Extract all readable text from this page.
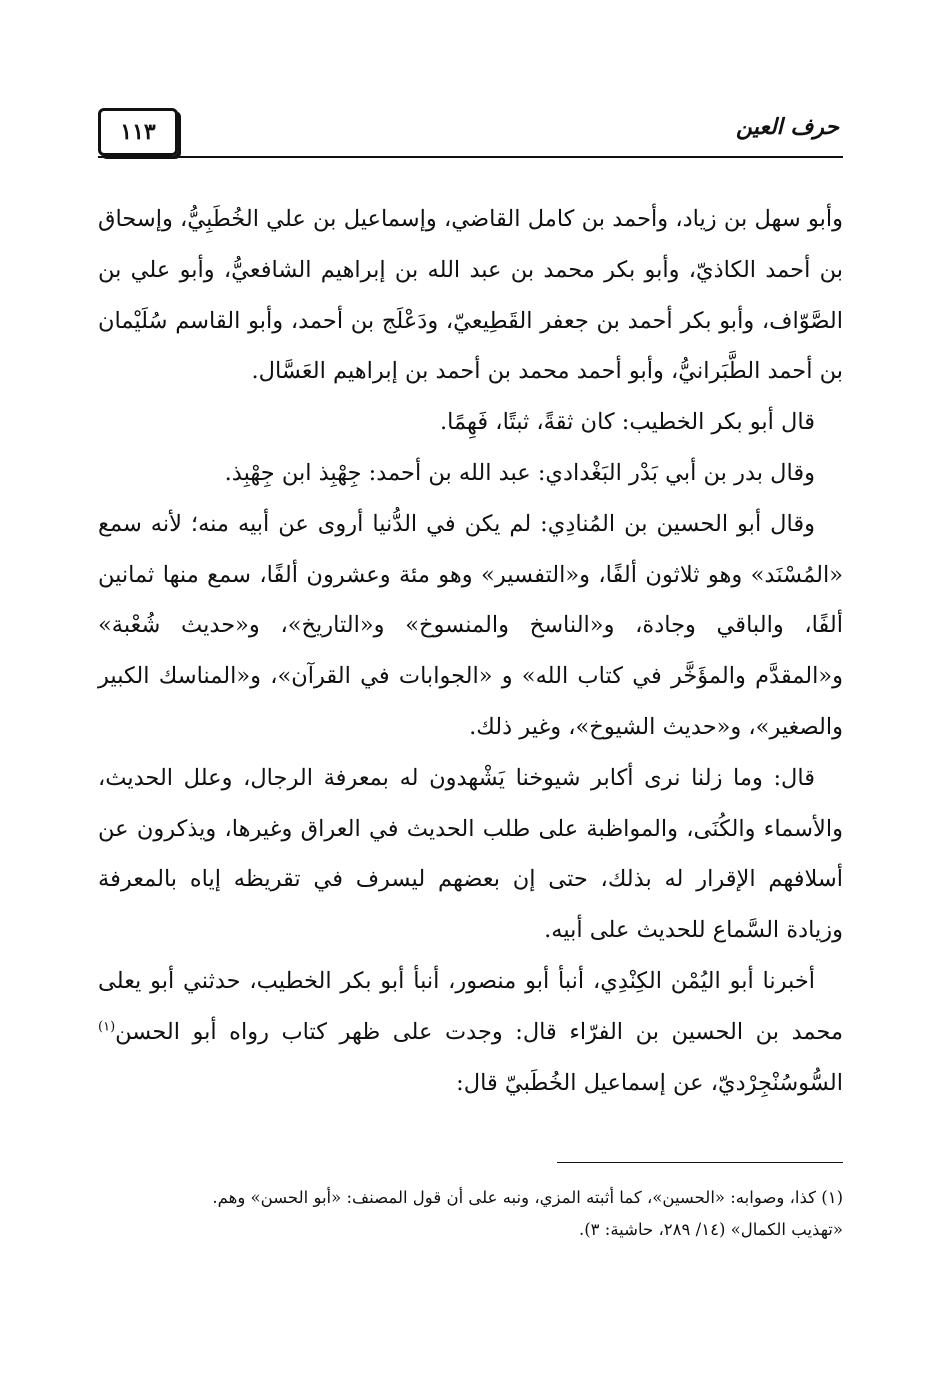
حرف العين
١١٣

وأبو سهل بن زياد، وأحمد بن كامل القاضي، وإسماعيل بن علي الخُطَبِيُّ، وإسحاق بن أحمد الكاذيّ، وأبو بكر محمد بن عبد الله بن إبراهيم الشافعيُّ، وأبو علي بن الصَّوّاف، وأبو بكر أحمد بن جعفر القَطِيعيّ، ودَعْلَج بن أحمد، وأبو القاسم سُلَيْمان بن أحمد الطَّبَرانيُّ، وأبو أحمد محمد بن أحمد بن إبراهيم العَسَّال.

قال أبو بكر الخطيب: كان ثقةً، ثبتًا، فَهِمًا.

وقال بدر بن أبي بَدْر البَغْدادي: عبد الله بن أحمد: جِهْبِذ ابن جِهْبِذ.

وقال أبو الحسين بن المُنادِي: لم يكن في الدُّنيا أروى عن أبيه منه؛ لأنه سمع «المُسْنَد» وهو ثلاثون ألفًا، و«التفسير» وهو مئة وعشرون ألفًا، سمع منها ثمانين ألفًا، والباقي وجادة، و«الناسخ والمنسوخ» و«التاريخ»، و«حديث شُعْبة» و«المقدَّم والمؤَخَّر في كتاب الله» و «الجوابات في القرآن»، و«المناسك الكبير والصغير»، و«حديث الشيوخ»، وغير ذلك.

قال: وما زلنا نرى أكابر شيوخنا يَشْهدون له بمعرفة الرجال، وعلل الحديث، والأسماء والكُنَى، والمواظبة على طلب الحديث في العراق وغيرها، ويذكرون عن أسلافهم الإقرار له بذلك، حتى إن بعضهم ليسرف في تقريظه إياه بالمعرفة وزيادة السَّماع للحديث على أبيه.

أخبرنا أبو اليُمْن الكِنْدِي، أنبأ أبو منصور، أنبأ أبو بكر الخطيب، حدثني أبو يعلى محمد بن الحسين بن الفرّاء قال: وجدت على ظهر كتاب رواه أبو الحسن$^{(١)}$ السُّوسُنْجِرْديّ، عن إسماعيل الخُطَبيّ قال:

(١) كذا، وصوابه: «الحسين»، كما أثبته المزي، ونبه على أن قول المصنف: «أبو الحسن» وهم.

«تهذيب الكمال» (١٤/ ٢٨٩، حاشية: ٣).
